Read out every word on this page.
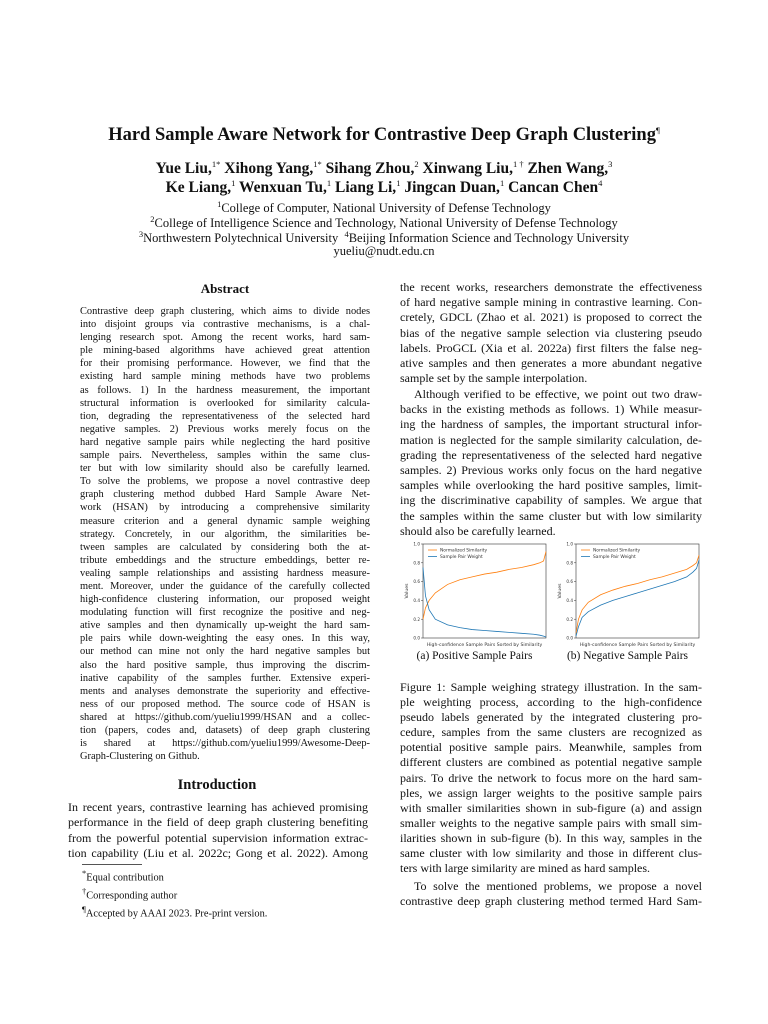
Hard Sample Aware Network for Contrastive Deep Graph Clustering¶
Yue Liu,$^{1*}$ Xihong Yang,$^{1*}$ Sihang Zhou,$^2$ Xinwang Liu,$^{1 \dagger}$ Zhen Wang,$^3$
Ke Liang,$^1$ Wenxuan Tu,$^1$ Liang Li,$^1$ Jingcan Duan,$^1$ Cancan Chen$^4$
$^1$College of Computer, National University of Defense Technology
$^2$College of Intelligence Science and Technology, National University of Defense Technology
$^3$Northwestern Polytechnical University $^4$Beijing Information Science and Technology University
yueliu@nudt.edu.cn
Abstract

Contrastive deep graph clustering, which aims to divide nodes

into disjoint groups via contrastive mechanisms, is a chal-

lenging research spot. Among the recent works, hard sam-

ple mining-based algorithms have achieved great attention

for their promising performance. However, we find that the

existing hard sample mining methods have two problems

as follows. 1) In the hardness measurement, the important

structural information is overlooked for similarity calcula-

tion, degrading the representativeness of the selected hard

negative samples. 2) Previous works merely focus on the

hard negative sample pairs while neglecting the hard positive

sample pairs. Nevertheless, samples within the same clus-

ter but with low similarity should also be carefully learned.

To solve the problems, we propose a novel contrastive deep

graph clustering method dubbed Hard Sample Aware Net-

work (HSAN) by introducing a comprehensive similarity

measure criterion and a general dynamic sample weighing

strategy. Concretely, in our algorithm, the similarities be-

tween samples are calculated by considering both the at-

tribute embeddings and the structure embeddings, better re-

vealing sample relationships and assisting hardness measure-

ment. Moreover, under the guidance of the carefully collected

high-confidence clustering information, our proposed weight

modulating function will first recognize the positive and neg-

ative samples and then dynamically up-weight the hard sam-

ple pairs while down-weighting the easy ones. In this way,

our method can mine not only the hard negative samples but

also the hard positive sample, thus improving the discrim-

inative capability of the samples further. Extensive experi-

ments and analyses demonstrate the superiority and effective-

ness of our proposed method. The source code of HSAN is

shared at https://github.com/yueliu1999/HSAN and a collec-

tion (papers, codes and, datasets) of deep graph clustering

is shared at https://github.com/yueliu1999/Awesome-Deep-

Graph-Clustering on Github.

Introduction

In recent years, contrastive learning has achieved promising

performance in the field of deep graph clustering benefiting

from the powerful potential supervision information extrac-

tion capability (Liu et al. 2022c; Gong et al. 2022). Among

*Equal contribution
†Corresponding author
¶Accepted by AAAI 2023. Pre-print version.

the recent works, researchers demonstrate the effectiveness

of hard negative sample mining in contrastive learning. Con-

cretely, GDCL (Zhao et al. 2021) is proposed to correct the

bias of the negative sample selection via clustering pseudo

labels. ProGCL (Xia et al. 2022a) first filters the false neg-

ative samples and then generates a more abundant negative

sample set by the sample interpolation.

Although verified to be effective, we point out two draw-

backs in the existing methods as follows. 1) While measur-

ing the hardness of samples, the important structural infor-

mation is neglected for the sample similarity calculation, de-

grading the representativeness of the selected hard negative

samples. 2) Previous works only focus on the hard negative

samples while overlooking the hard positive samples, limit-

ing the discriminative capability of samples. We argue that

the samples within the same cluster but with low similarity

should also be carefully learned.

0.0
0.2
0.4
0.6
0.8
1.0
Values
High-confidence Sample Pairs Sorted by Similarity
Normalized Similarity
Sample Pair Weight
0.0
0.2
0.4
0.6
0.8
1.0
Values
High-confidence Sample Pairs Sorted by Similarity
Normalized Similarity
Sample Pair Weight
(a) Positive Sample Pairs	(b) Negative Sample Pairs

Figure 1: Sample weighing strategy illustration. In the sam-

ple weighting process, according to the high-confidence

pseudo labels generated by the integrated clustering pro-

cedure, samples from the same clusters are recognized as

potential positive sample pairs. Meanwhile, samples from

different clusters are combined as potential negative sample

pairs. To drive the network to focus more on the hard sam-

ples, we assign larger weights to the positive sample pairs

with smaller similarities shown in sub-figure (a) and assign

smaller weights to the negative sample pairs with small sim-

ilarities shown in sub-figure (b). In this way, samples in the

same cluster with low similarity and those in different clus-

ters with large similarity are mined as hard samples.

To solve the mentioned problems, we propose a novel

contrastive deep graph clustering method termed Hard Sam-
